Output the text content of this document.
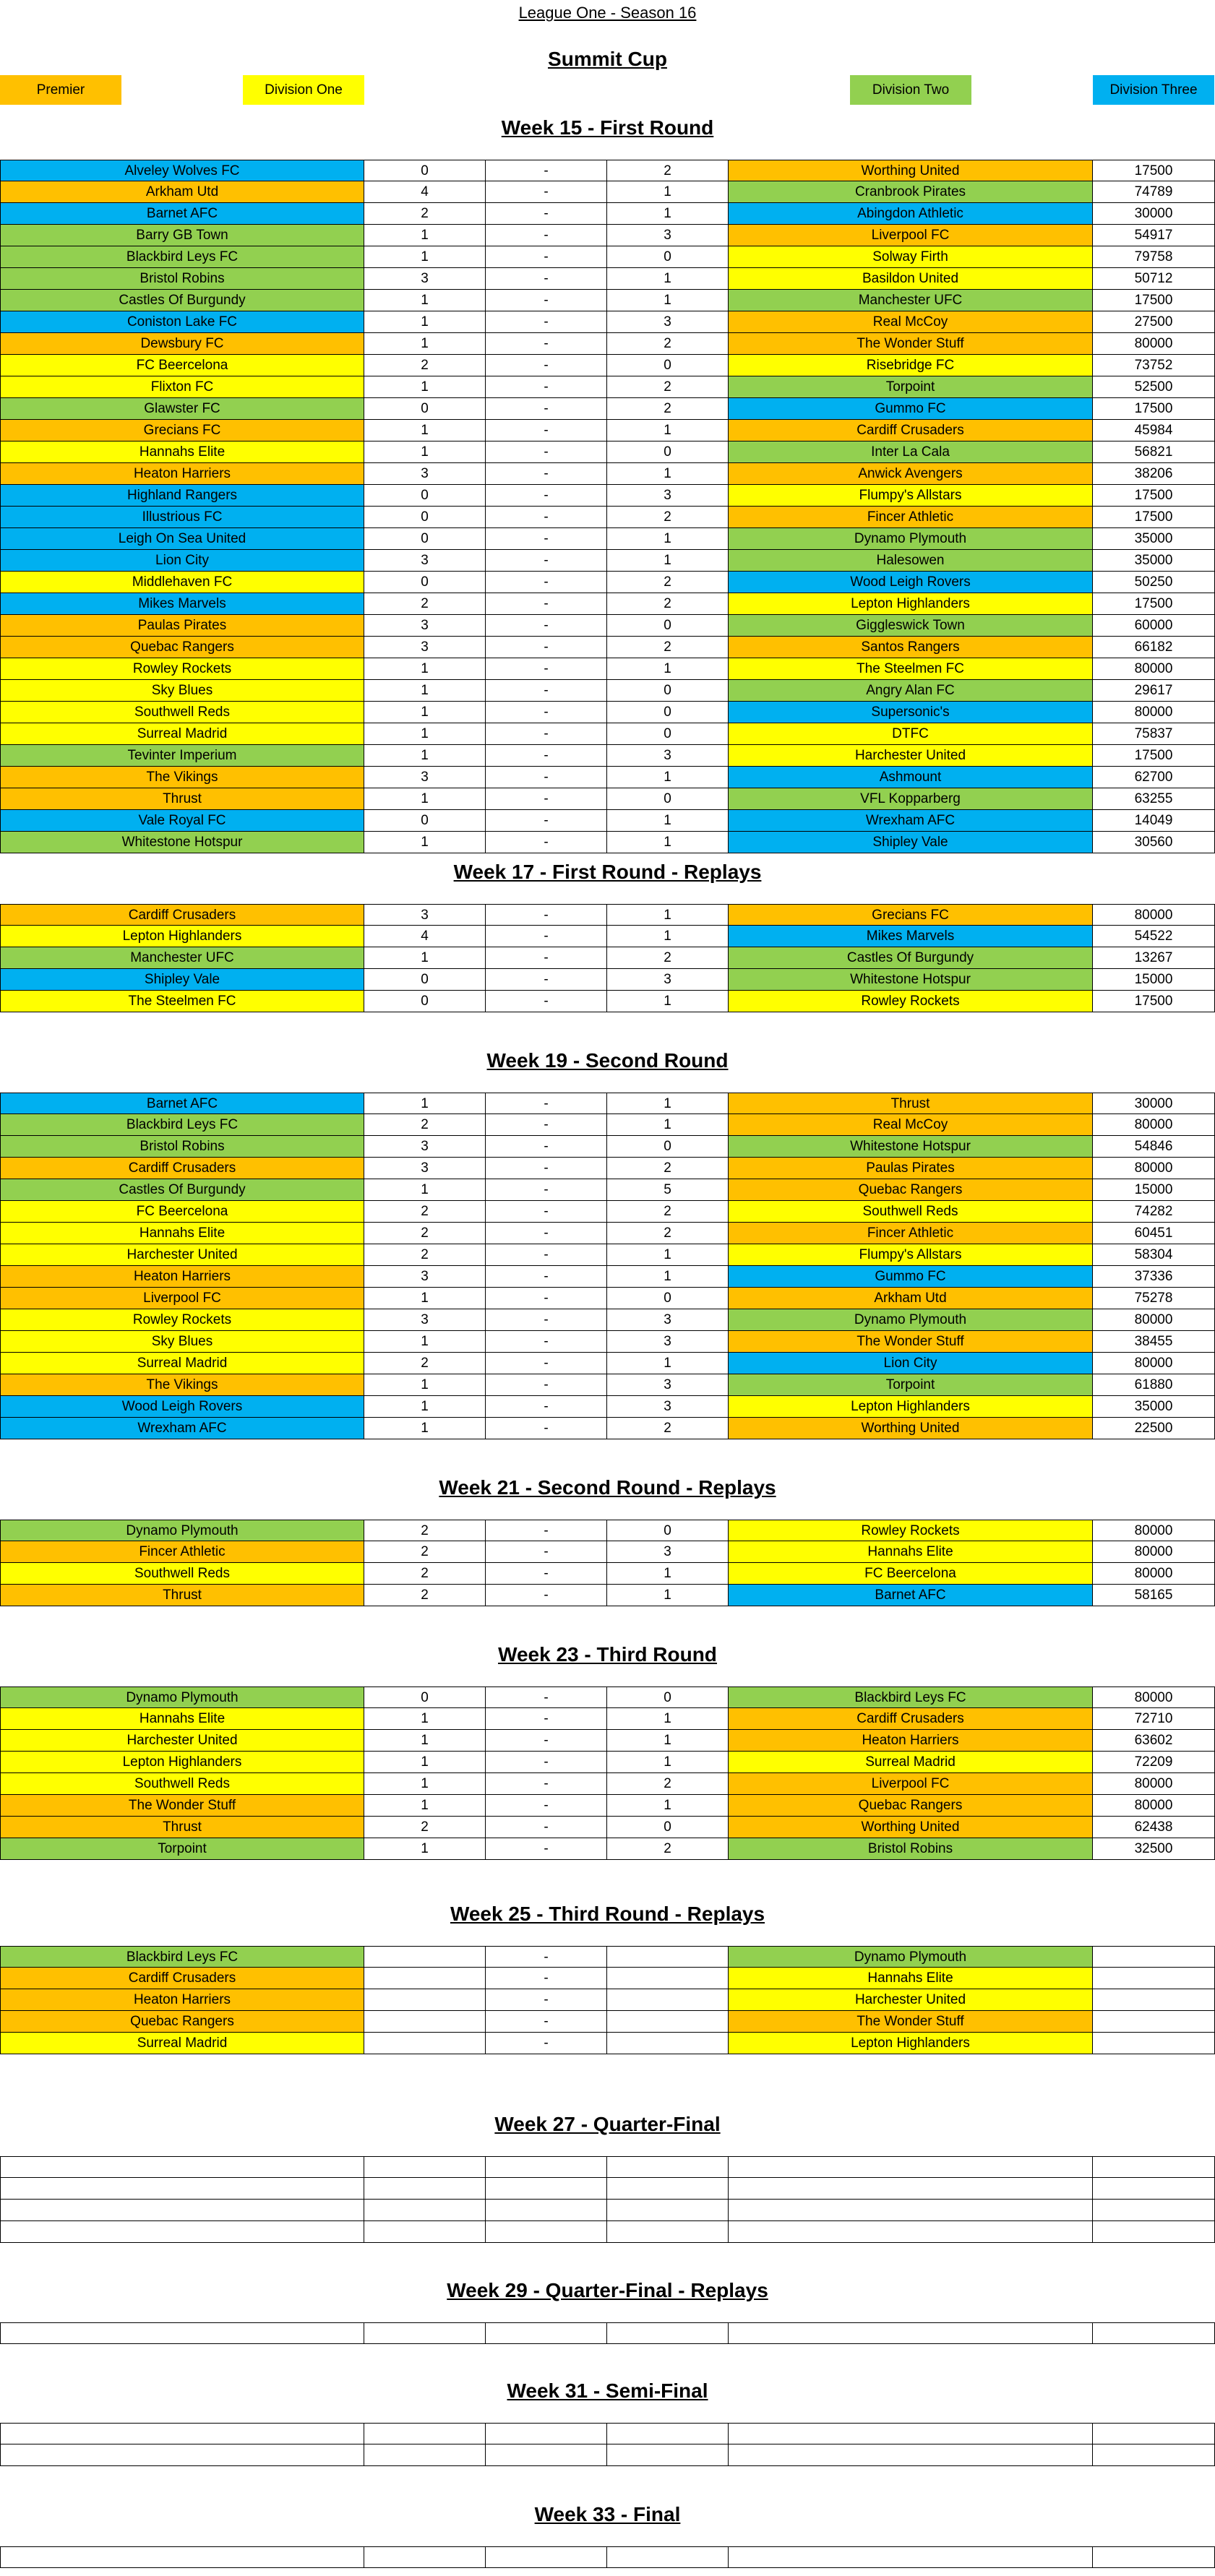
League One - Season 16
Summit Cup
Premier	Division One	Division Two	Division Three
Week 15 - First Round
Alveley Wolves FC	0	-	2	Worthing United	17500
Arkham Utd	4	-	1	Cranbrook Pirates	74789
Barnet AFC	2	-	1	Abingdon Athletic	30000
Barry GB Town	1	-	3	Liverpool FC	54917
Blackbird Leys FC	1	-	0	Solway Firth	79758
Bristol Robins	3	-	1	Basildon United	50712
Castles Of Burgundy	1	-	1	Manchester UFC	17500
Coniston Lake FC	1	-	3	Real McCoy	27500
Dewsbury FC	1	-	2	The Wonder Stuff	80000
FC Beercelona	2	-	0	Risebridge FC	73752
Flixton FC	1	-	2	Torpoint	52500
Glawster FC	0	-	2	Gummo FC	17500
Grecians FC	1	-	1	Cardiff Crusaders	45984
Hannahs Elite	1	-	0	Inter La Cala	56821
Heaton Harriers	3	-	1	Anwick Avengers	38206
Highland Rangers	0	-	3	Flumpy's Allstars	17500
Illustrious FC	0	-	2	Fincer Athletic	17500
Leigh On Sea United	0	-	1	Dynamo Plymouth	35000
Lion City	3	-	1	Halesowen	35000
Middlehaven FC	0	-	2	Wood Leigh Rovers	50250
Mikes Marvels	2	-	2	Lepton Highlanders	17500
Paulas Pirates	3	-	0	Giggleswick Town	60000
Quebac Rangers	3	-	2	Santos Rangers	66182
Rowley Rockets	1	-	1	The Steelmen FC	80000
Sky Blues	1	-	0	Angry Alan FC	29617
Southwell Reds	1	-	0	Supersonic's	80000
Surreal Madrid	1	-	0	DTFC	75837
Tevinter Imperium	1	-	3	Harchester United	17500
The Vikings	3	-	1	Ashmount	62700
Thrust	1	-	0	VFL Kopparberg	63255
Vale Royal FC	0	-	1	Wrexham AFC	14049
Whitestone Hotspur	1	-	1	Shipley Vale	30560
Week 17 - First Round - Replays
Cardiff Crusaders	3	-	1	Grecians FC	80000
Lepton Highlanders	4	-	1	Mikes Marvels	54522
Manchester UFC	1	-	2	Castles Of Burgundy	13267
Shipley Vale	0	-	3	Whitestone Hotspur	15000
The Steelmen FC	0	-	1	Rowley Rockets	17500
Week 19 - Second Round
Barnet AFC	1	-	1	Thrust	30000
Blackbird Leys FC	2	-	1	Real McCoy	80000
Bristol Robins	3	-	0	Whitestone Hotspur	54846
Cardiff Crusaders	3	-	2	Paulas Pirates	80000
Castles Of Burgundy	1	-	5	Quebac Rangers	15000
FC Beercelona	2	-	2	Southwell Reds	74282
Hannahs Elite	2	-	2	Fincer Athletic	60451
Harchester United	2	-	1	Flumpy's Allstars	58304
Heaton Harriers	3	-	1	Gummo FC	37336
Liverpool FC	1	-	0	Arkham Utd	75278
Rowley Rockets	3	-	3	Dynamo Plymouth	80000
Sky Blues	1	-	3	The Wonder Stuff	38455
Surreal Madrid	2	-	1	Lion City	80000
The Vikings	1	-	3	Torpoint	61880
Wood Leigh Rovers	1	-	3	Lepton Highlanders	35000
Wrexham AFC	1	-	2	Worthing United	22500
Week 21 - Second Round - Replays
Dynamo Plymouth	2	-	0	Rowley Rockets	80000
Fincer Athletic	2	-	3	Hannahs Elite	80000
Southwell Reds	2	-	1	FC Beercelona	80000
Thrust	2	-	1	Barnet AFC	58165
Week 23 - Third Round
Dynamo Plymouth	0	-	0	Blackbird Leys FC	80000
Hannahs Elite	1	-	1	Cardiff Crusaders	72710
Harchester United	1	-	1	Heaton Harriers	63602
Lepton Highlanders	1	-	1	Surreal Madrid	72209
Southwell Reds	1	-	2	Liverpool FC	80000
The Wonder Stuff	1	-	1	Quebac Rangers	80000
Thrust	2	-	0	Worthing United	62438
Torpoint	1	-	2	Bristol Robins	32500
Week 25 - Third Round - Replays
Blackbird Leys FC	-	Dynamo Plymouth
Cardiff Crusaders	-	Hannahs Elite
Heaton Harriers	-	Harchester United
Quebac Rangers	-	The Wonder Stuff
Surreal Madrid	-	Lepton Highlanders
Week 27 - Quarter-Final
Week 29 - Quarter-Final - Replays
Week 31 - Semi-Final
Week 33 - Final
